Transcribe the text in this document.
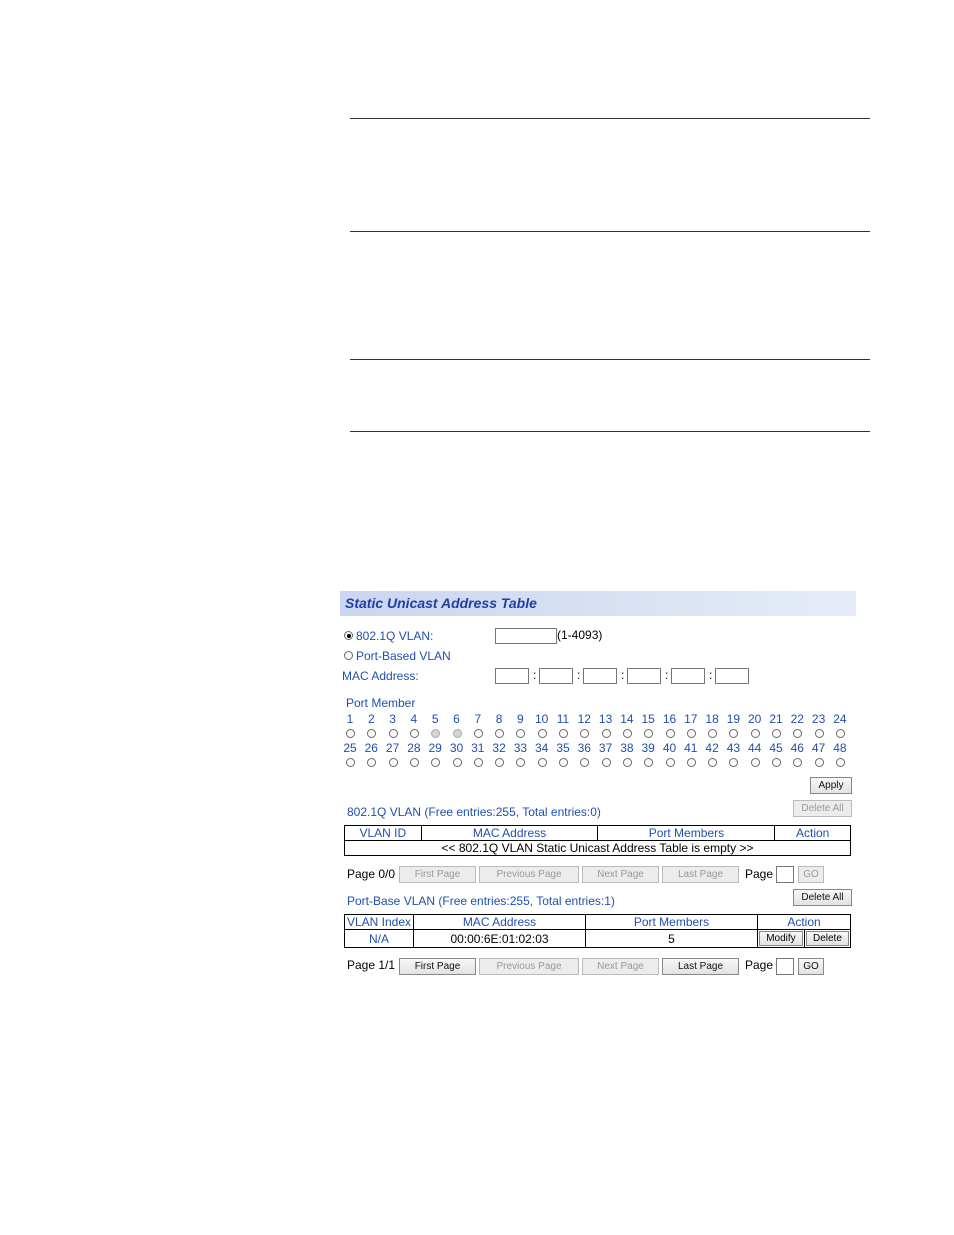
Static Unicast Address Table
802.1Q VLAN:	(1-4093)
Port-Based VLAN
MAC Address:	:	:	:	:	:
Port Member
1	2	3	4	5	6	7	8	9 10 11 12 13 14 15 16 17 18 19 20 21 22 23 24
25 26 27 28 29 30 31 32 33 34 35 36 37 38 39 40 41 42 43 44 45 46 47 48
Apply
Delete All
802.1Q VLAN (Free entries:255, Total entries:0)
VLAN ID	MAC Address	Port Members	Action
<< 802.1Q VLAN Static Unicast Address Table is empty >>
Page 0/0	First Page	Previous Page	Next Page	Last Page	Page	GO
Port-Base VLAN (Free entries:255, Total entries:1)	Delete All
VLAN Index	MAC Address	Port Members	Action	
N/A	00:00:6E:01:02:03	5	Modify	Delete
Page 1/1	First Page	Previous Page	Next Page	Last Page	Page	GO
